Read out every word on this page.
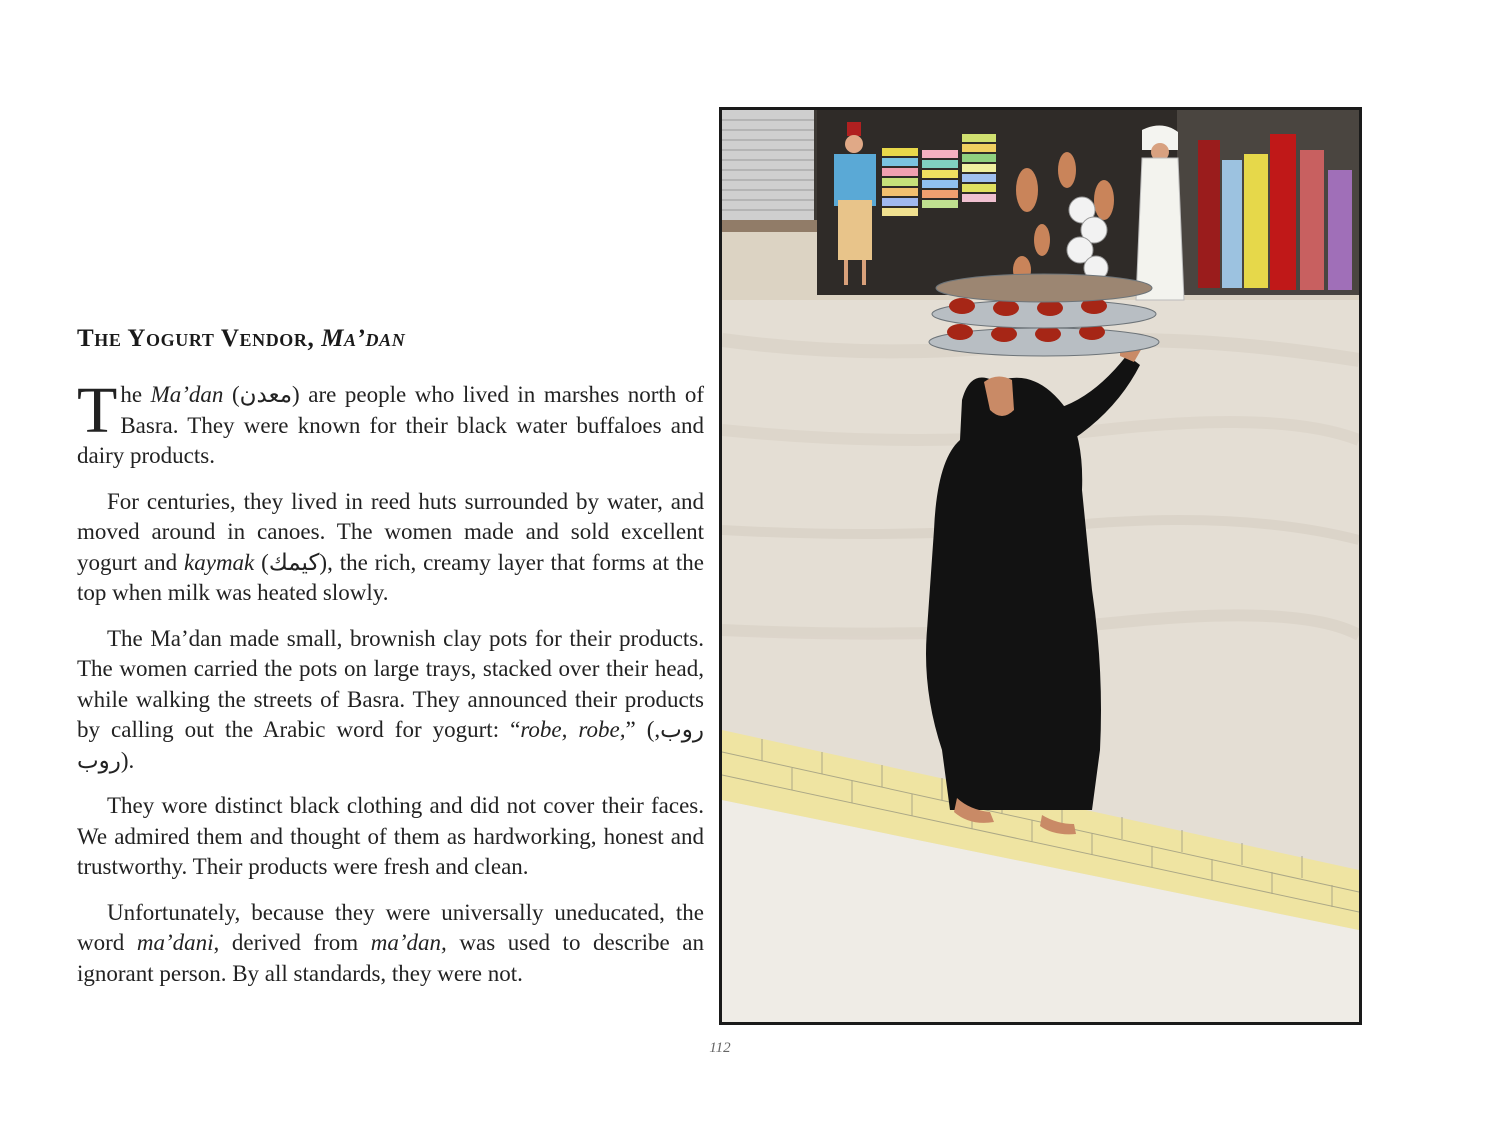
The Yogurt Vendor, Ma’dan

The Ma’dan (معدن) are people who lived in marshes north of Basra. They were known for their black water buffaloes and dairy products.

For centuries, they lived in reed huts surrounded by water, and moved around in canoes. The women made and sold excellent yogurt and kaymak (كيمك), the rich, creamy layer that forms at the top when milk was heated slowly.

The Ma’dan made small, brownish clay pots for their products. The women carried the pots on large trays, stacked over their head, while walking the streets of Basra. They announced their products by calling out the Arabic word for yogurt: “robe, robe,” (روب, روب).

They wore distinct black clothing and did not cover their faces. We admired them and thought of them as hardworking, honest and trustworthy. Their products were fresh and clean.

Unfortunately, because they were universally uneducated, the word ma’dani, derived from ma’dan, was used to describe an ignorant person. By all standards, they were not.

112
